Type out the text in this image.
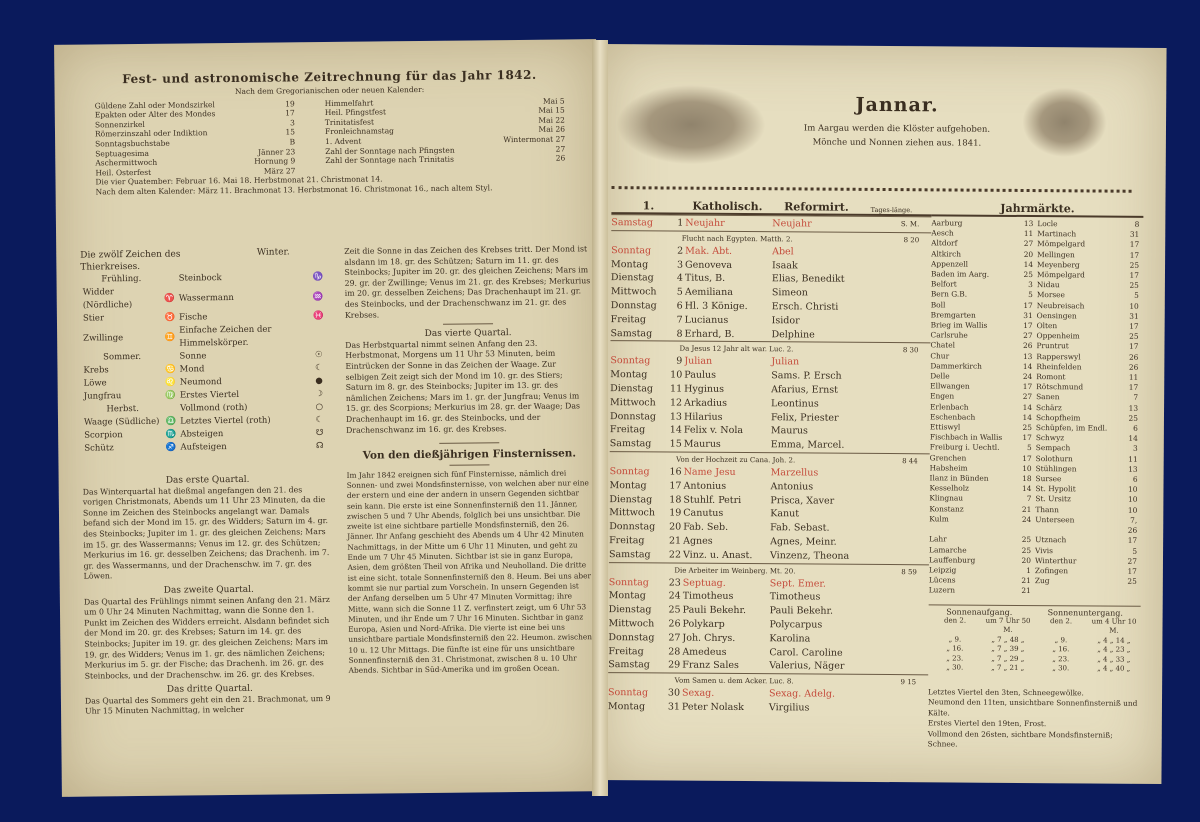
Fest- und astronomische Zeitrechnung für das Jahr 1842.
Nach dem Gregorianischen oder neuen Kalender:
Güldene Zahl oder Mondszirkel	19	Himmelfahrt	Mai 5
Epakten oder Alter des Mondes	17	Heil. Pfingstfest	Mai 15
Sonnenzirkel	3	Trinitatisfest	Mai 22
Römerzinszahl oder Indiktion	15	Fronleichnamstag	Mai 26
Sonntagsbuchstabe	B	1. Advent	Wintermonat 27
Septuagesima	Jänner 23	Zahl der Sonntage nach Pfingsten	27
Aschermittwoch	Hornung 9	Zahl der Sonntage nach Trinitatis	26
Heil. Osterfest	März 27
Die vier Quatember: Februar 16. Mai 18. Herbstmonat 21. Christmonat 14.
Nach dem alten Kalender: März 11. Brachmonat 13. Herbstmonat 16. Christmonat 16., nach altem Styl.
Die zwölf Zeichen des Thierkreises.
Winter.
Frühling.		Steinbock	♑
Widder (Nördliche)	♈	Wassermann	♒
Stier	♉	Fische	♓
Zwillinge	♊	Einfache Zeichen der Himmelskörper.	
Sommer.		Sonne	☉
Krebs	♋	Mond	☾
Löwe	♌	Neumond	●
Jungfrau	♍	Erstes Viertel	☽
Herbst.		Vollmond (roth)	○
Waage (Südliche)	♎	Letztes Viertel (roth)	☾
Scorpion	♏	Absteigen	☋
Schütz	♐	Aufsteigen	☊
Zeit die Sonne in das Zeichen des Krebses tritt. Der Mond ist alsdann im 18. gr. des Schützen; Saturn im 11. gr. des Steinbocks; Jupiter im 20. gr. des gleichen Zeichens; Mars im 29. gr. der Zwillinge; Venus im 21. gr. des Krebses; Merkurius im 20. gr. desselben Zeichens; Das Drachenhaupt im 21. gr. des Steinbocks, und der Drachenschwanz im 21. gr. des Krebses.
Das vierte Quartal.
Das Herbstquartal nimmt seinen Anfang den 23. Herbstmonat, Morgens um 11 Uhr 53 Minuten, beim Eintrücken der Sonne in das Zeichen der Waage. Zur selbigen Zeit zeigt sich der Mond im 10. gr. des Stiers; Saturn im 8. gr. des Steinbocks; Jupiter im 13. gr. des nämlichen Zeichens; Mars im 1. gr. der Jungfrau; Venus im 15. gr. des Scorpions; Merkurius im 28. gr. der Waage; Das Drachenhaupt im 16. gr. des Steinbocks, und der Drachenschwanz im 16. gr. des Krebses.
Von den dießjährigen Finsternissen.
Im Jahr 1842 ereignen sich fünf Finsternisse, nämlich drei Sonnen- und zwei Mondsfinsternisse, von welchen aber nur eine der erstern und eine der andern in unsern Gegenden sichtbar sein kann. Die erste ist eine Sonnenfinsterniß den 11. Jänner, zwischen 5 und 7 Uhr Abends, folglich bei uns unsichtbar. Die zweite ist eine sichtbare partielle Mondsfinsterniß, den 26. Jänner. Ihr Anfang geschieht des Abends um 4 Uhr 42 Minuten Nachmittags, in der Mitte um 6 Uhr 11 Minuten, und geht zu Ende um 7 Uhr 45 Minuten. Sichtbar ist sie in ganz Europa, Asien, dem größten Theil von Afrika und Neuholland. Die dritte ist eine sicht. totale Sonnenfinsterniß den 8. Heum. Bei uns aber kommt sie nur partial zum Vorschein. In unsern Gegenden ist der Anfang derselben um 5 Uhr 47 Minuten Vormittag; ihre Mitte, wann sich die Sonne 11 Z. verfinstert zeigt, um 6 Uhr 53 Minuten, und ihr Ende um 7 Uhr 16 Minuten. Sichtbar in ganz Europa, Asien und Nord-Afrika. Die vierte ist eine bei uns unsichtbare partiale Mondsfinsterniß den 22. Heumon. zwischen 10 u. 12 Uhr Mittags. Die fünfte ist eine für uns unsichtbare Sonnenfinsterniß den 31. Christmonat, zwischen 8 u. 10 Uhr Abends. Sichtbar in Süd-Amerika und im großen Ocean.
Das erste Quartal.
Das Winterquartal hat dießmal angefangen den 21. des vorigen Christmonats, Abends um 11 Uhr 23 Minuten, da die Sonne im Zeichen des Steinbocks angelangt war. Damals befand sich der Mond im 15. gr. des Widders; Saturn im 4. gr. des Steinbocks; Jupiter im 1. gr. des gleichen Zeichens; Mars im 15. gr. des Wassermanns; Venus im 12. gr. des Schützen; Merkurius im 16. gr. desselben Zeichens; das Drachenh. im 7. gr. des Wassermanns, und der Drachenschw. im 7. gr. des Löwen.
Das zweite Quartal.
Das Quartal des Frühlings nimmt seinen Anfang den 21. März um 0 Uhr 24 Minuten Nachmittag, wann die Sonne den 1. Punkt im Zeichen des Widders erreicht. Alsdann befindet sich der Mond im 20. gr. des Krebses; Saturn im 14. gr. des Steinbocks; Jupiter im 19. gr. des gleichen Zeichens; Mars im 19. gr. des Widders; Venus im 1. gr. des nämlichen Zeichens; Merkurius im 5. gr. der Fische; das Drachenh. im 26. gr. des Steinbocks, und der Drachenschw. im 26. gr. des Krebses.
Das dritte Quartal.
Das Quartal des Sommers geht ein den 21. Brachmonat, um 9 Uhr 15 Minuten Nachmittag, in welcher
Jannar.
Im Aargau werden die Klöster aufgehoben.
Mönche und Nonnen ziehen aus. 1841.
1.	Katholisch.	Reformirt.	Tages-länge.
Samstag	1 Neujahr	Neujahr	S. M.
Flucht nach Egypten. Matth. 2.	8 20
Sonntag	2 Mak. Abt.	Abel
Montag	3 Genoveva	Isaak
Dienstag	4 Titus, B.	Elias, Benedikt
Mittwoch	5 Aemiliana	Simeon
Donnstag	6 Hl. 3 Könige.	Ersch. Christi
Freitag	7 Lucianus	Isidor
Samstag	8 Erhard, B.	Delphine
Da Jesus 12 Jahr alt war. Luc. 2.	8 30
Sonntag	9 Julian	Julian
Montag	10 Paulus	Sams. P. Ersch
Dienstag	11 Hyginus	Afarius, Ernst
Mittwoch	12 Arkadius	Leontinus
Donnstag	13 Hilarius	Felix, Priester
Freitag	14 Felix v. Nola	Maurus
Samstag	15 Maurus	Emma, Marcel.
Von der Hochzeit zu Cana. Joh. 2.	8 44
Sonntag	16 Name Jesu	Marzellus
Montag	17 Antonius	Antonius
Dienstag	18 Stuhlf. Petri	Prisca, Xaver
Mittwoch	19 Canutus	Kanut
Donnstag	20 Fab. Seb.	Fab. Sebast.
Freitag	21 Agnes	Agnes, Meinr.
Samstag	22 Vinz. u. Anast.	Vinzenz, Theona
Die Arbeiter im Weinberg. Mt. 20.	8 59
Sonntag	23 Septuag.	Sept. Emer.
Montag	24 Timotheus	Timotheus
Dienstag	25 Pauli Bekehr.	Pauli Bekehr.
Mittwoch	26 Polykarp	Polycarpus
Donnstag	27 Joh. Chrys.	Karolina
Freitag	28 Amedeus	Carol. Caroline
Samstag	29 Franz Sales	Valerius, Näger
Vom Samen u. dem Acker. Luc. 8.	9 15
Sonntag	30 Sexag.	Sexag. Adelg.
Montag	31 Peter Nolask	Virgilius
Jahrmärkte.
Aarburg	13 Locle	8
Aesch	11 Martinach	31
Altdorf	27 Mömpelgard	17
Altkirch	20 Mellingen	17
Appenzell	14 Meyenberg	25
Baden im Aarg.	25 Mömpelgard	17
Belfort	3 Nidau	25
Bern G.B.	5 Morsee	5
Boll	17 Neubreisach	10
Bremgarten	31 Oensingen	31
Brieg im Wallis	17 Olten	17
Carlsruhe	27 Oppenheim	25
Chatel	26 Pruntrut	17
Chur	13 Rapperswyl	26
Dammerkirch	14 Rheinfelden	26
Delle	24 Romont	11
Ellwangen	17 Rötschmund	17
Engen	27 Sanen	7
Erlenbach	14 Schärz	13
Eschenbach	14 Schopfheim	25
Ettiswyl	25 Schüpfen, im Endl.	6
Fischbach in Wallis	17 Schwyz	14
Freiburg i. Uechtl.	5 Sempach	3
Grenchen	17 Solothurn	11
Habsheim	10 Stühlingen	13
Ilanz in Bünden	18 Sursee	6
Kesselholz	14 St. Hypolit	10
Klingnau	7 St. Ursitz	10
Konstanz	21 Thann	10
Kulm	24 Unterseen	7, 26
Lahr	25 Utznach	17
Lamarche	25 Vivis	5
Lauffenburg	20 Winterthur	27
Leipzig	1 Zofingen	17
Lücens	21 Zug	25
Luzern	21
Sonnenaufgang.	Sonnenuntergang.
den 2.	um 7 Uhr 50 M.
den 2.	um 4 Uhr 10 M.
„ 9.	„ 7 „ 48 „	„ 9.	„ 4 „ 14 „
„ 16.	„ 7 „ 39 „	„ 16.	„ 4 „ 23 „
„ 23.	„ 7 „ 29 „	„ 23.	„ 4 „ 33 „
„ 30.	„ 7 „ 21 „	„ 30.	„ 4 „ 40 „
Letztes Viertel den 3ten, Schneegewölke.
Neumond den 11ten, unsichtbare Sonnenfinsterniß und Kälte.
Erstes Viertel den 19ten, Frost.
Vollmond den 26sten, sichtbare Mondsfinsterniß; Schnee.
